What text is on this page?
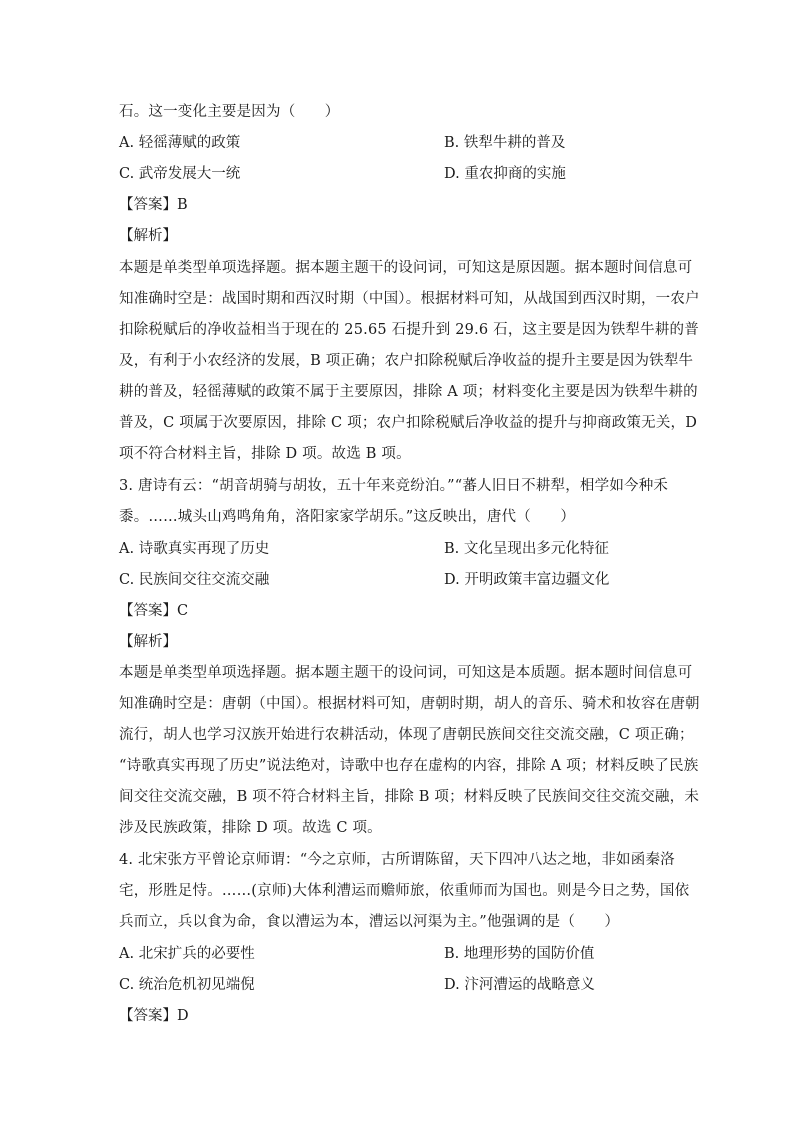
石。这一变化主要是因为（　　）
A. 轻徭薄赋的政策	B. 铁犁牛耕的普及
C. 武帝发展大一统	D. 重农抑商的实施
【答案】B
【解析】
本题是单类型单项选择题。据本题主题干的设问词，可知这是原因题。据本题时间信息可
知准确时空是：战国时期和西汉时期（中国）。根据材料可知，从战国到西汉时期，一农户
扣除税赋后的净收益相当于现在的 25.65 石提升到 29.6 石，这主要是因为铁犁牛耕的普
及，有利于小农经济的发展，B 项正确；农户扣除税赋后净收益的提升主要是因为铁犁牛
耕的普及，轻徭薄赋的政策不属于主要原因，排除 A 项；材料变化主要是因为铁犁牛耕的
普及，C 项属于次要原因，排除 C 项；农户扣除税赋后净收益的提升与抑商政策无关，D
项不符合材料主旨，排除 D 项。故选 B 项。
3. 唐诗有云：“胡音胡骑与胡妆，五十年来竞纷泊。”“蕃人旧日不耕犁，相学如今种禾
黍。……城头山鸡鸣角角，洛阳家家学胡乐。”这反映出，唐代（　　）
A. 诗歌真实再现了历史	B. 文化呈现出多元化特征
C. 民族间交往交流交融	D. 开明政策丰富边疆文化
【答案】C
【解析】
本题是单类型单项选择题。据本题主题干的设问词，可知这是本质题。据本题时间信息可
知准确时空是：唐朝（中国）。根据材料可知，唐朝时期，胡人的音乐、骑术和妆容在唐朝
流行，胡人也学习汉族开始进行农耕活动，体现了唐朝民族间交往交流交融，C 项正确；
“诗歌真实再现了历史”说法绝对，诗歌中也存在虚构的内容，排除 A 项；材料反映了民族
间交往交流交融，B 项不符合材料主旨，排除 B 项；材料反映了民族间交往交流交融，未
涉及民族政策，排除 D 项。故选 C 项。
4. 北宋张方平曾论京师谓：“今之京师，古所谓陈留，天下四冲八达之地，非如函秦洛
宅，形胜足恃。……(京师)大体利漕运而赡师旅，依重师而为国也。则是今日之势，国依
兵而立，兵以食为命，食以漕运为本，漕运以河渠为主。”他强调的是（　　）
A. 北宋扩兵的必要性	B. 地理形势的国防价值
C. 统治危机初见端倪	D. 汴河漕运的战略意义
【答案】D
